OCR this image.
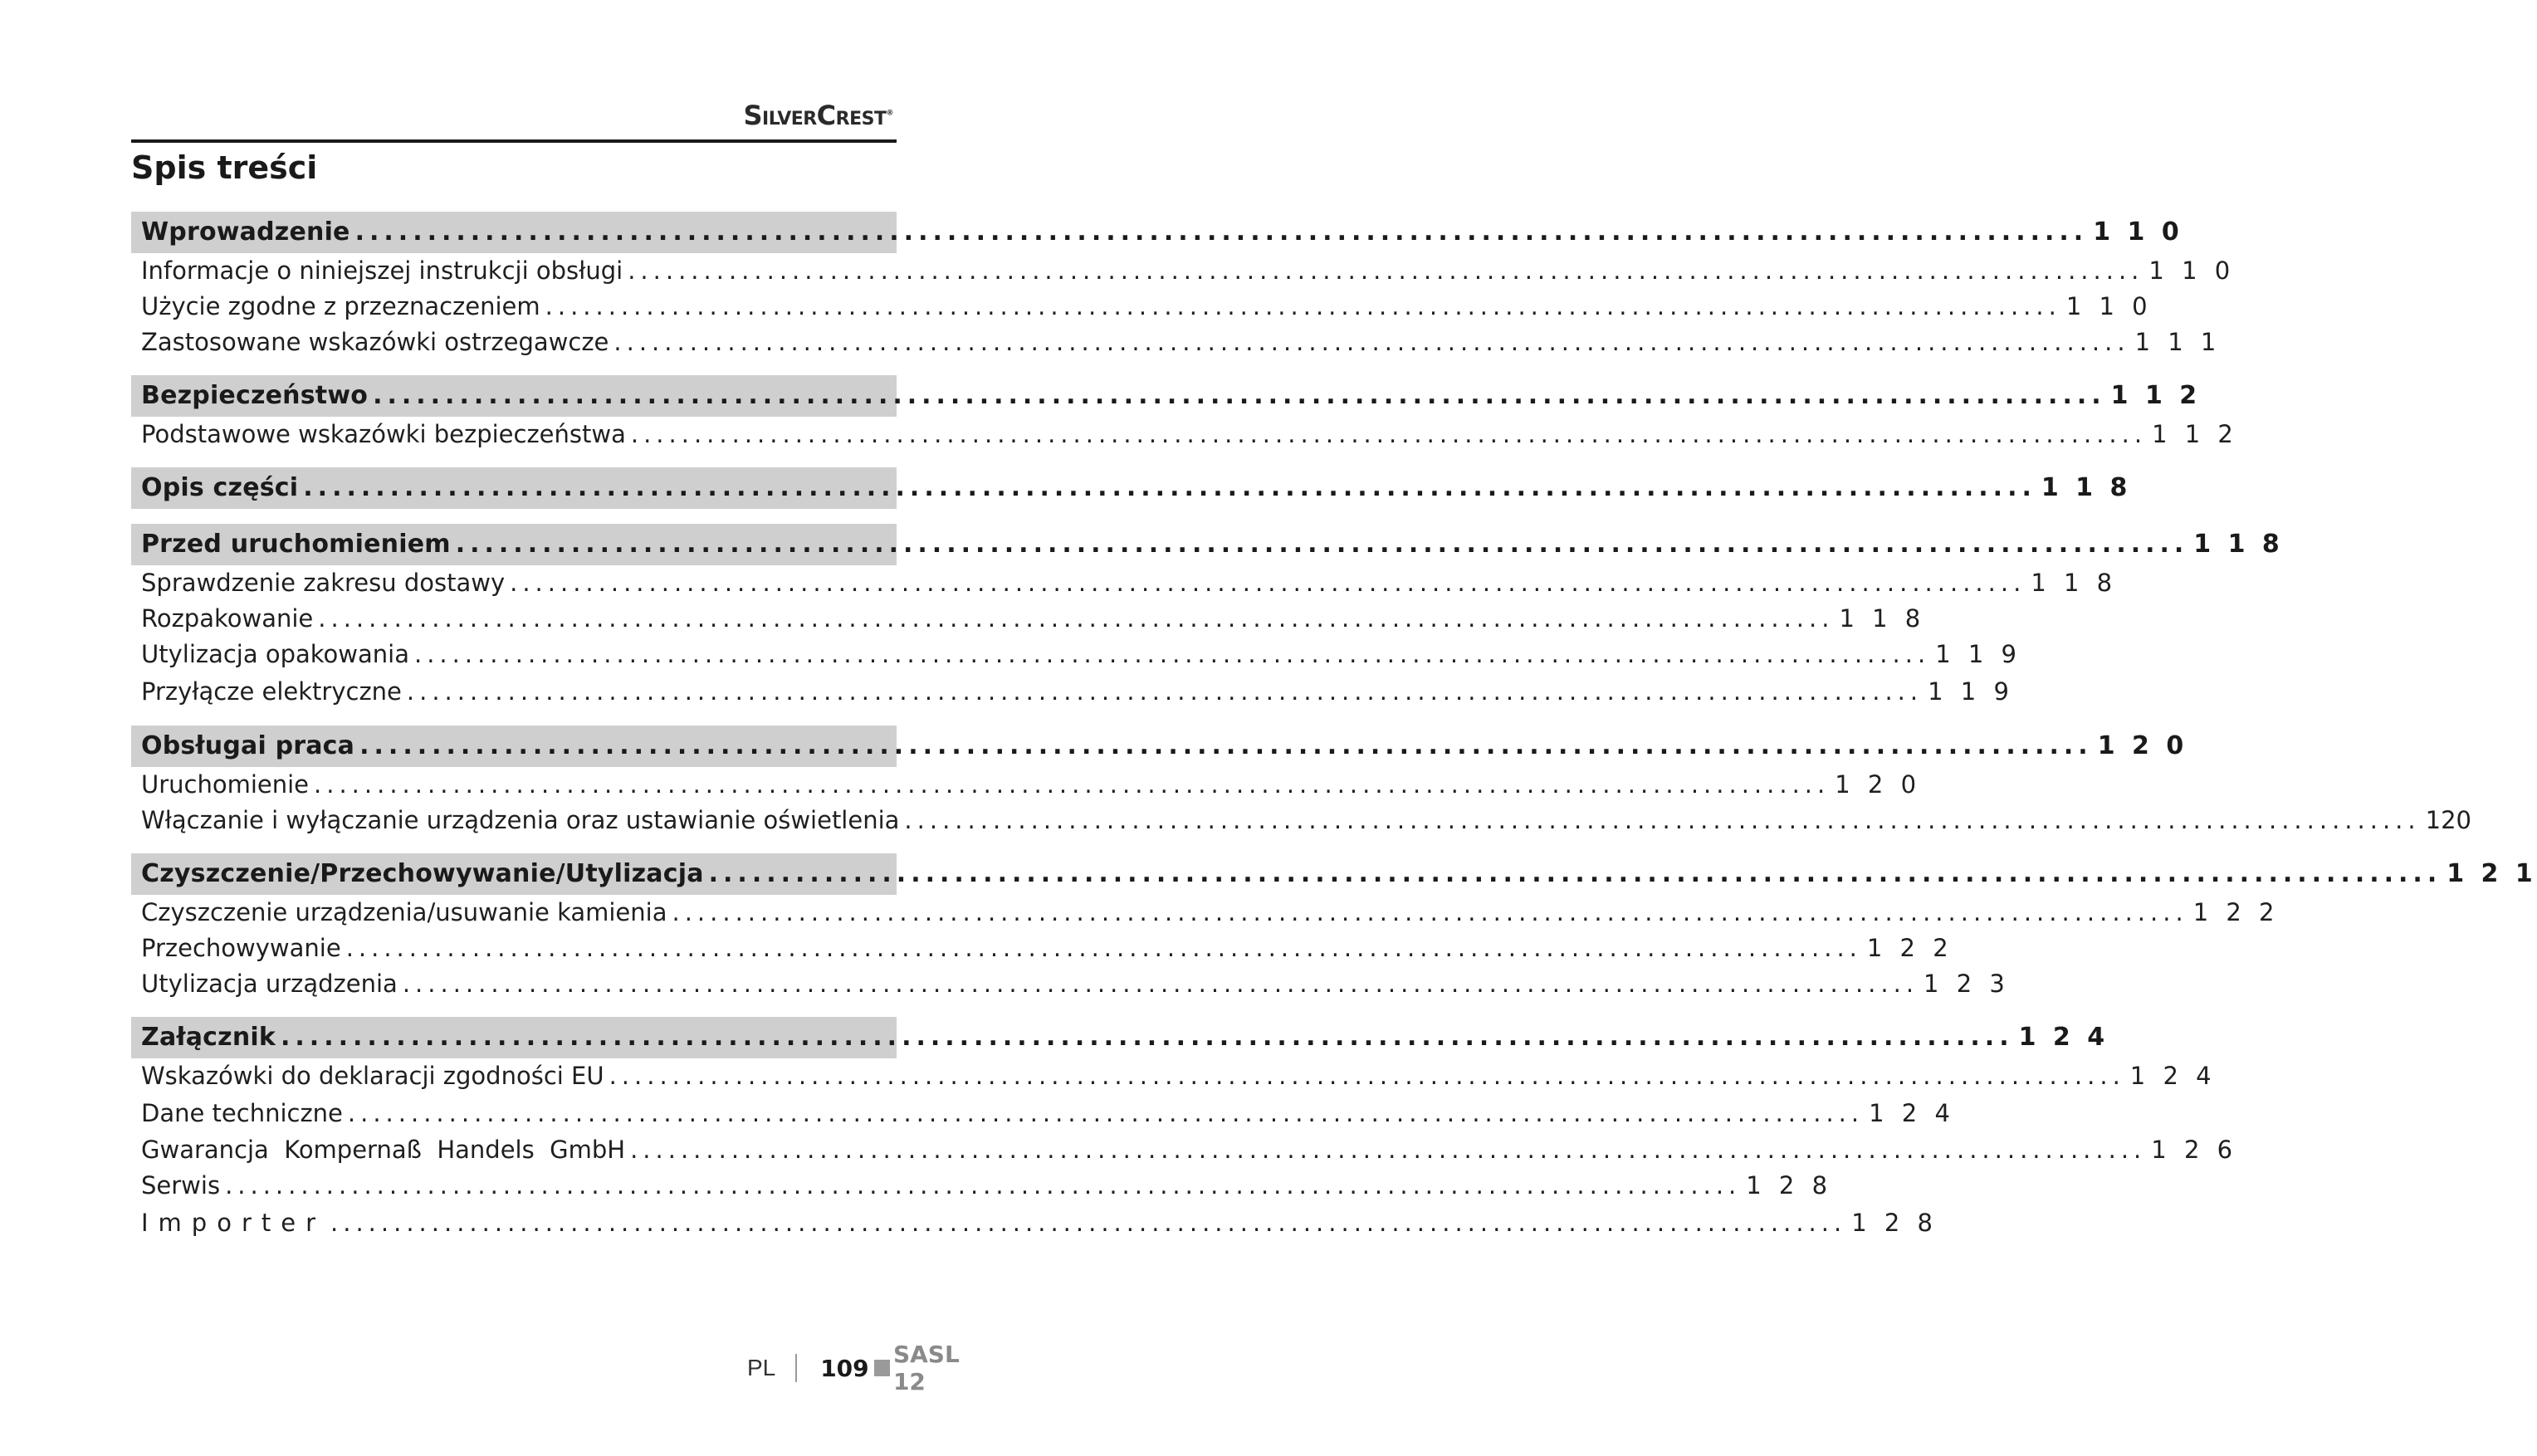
SilverCrest®
Spis treści
Wprowadzenie ........................................................................................................................ 1 1 0
Informacje o niniejszej instrukcji obsługi ........................................................................................................................ 1 1 0
Użycie zgodne z przeznaczeniem ........................................................................................................................ 1 1 0
Zastosowane wskazówki ostrzegawcze ........................................................................................................................ 1 1 1
Bezpieczeństwo ........................................................................................................................ 1 1 2
Podstawowe wskazówki bezpieczeństwa ........................................................................................................................ 1 1 2
Opis części ........................................................................................................................ 1 1 8
Przed uruchomieniem ........................................................................................................................ 1 1 8
Sprawdzenie zakresu dostawy ........................................................................................................................ 1 1 8
Rozpakowanie ........................................................................................................................ 1 1 8
Utylizacja opakowania ........................................................................................................................ 1 1 9
Przyłącze elektryczne ........................................................................................................................ 1 1 9
Obsługai praca ........................................................................................................................ 1 2 0
Uruchomienie ........................................................................................................................ 1 2 0
Włączanie i wyłączanie urządzenia oraz ustawianie oświetlenia ........................................................................................................................ 120
Czyszczenie/Przechowywanie/Utylizacja ........................................................................................................................ 1 2 1
Czyszczenie urządzenia/usuwanie kamienia ........................................................................................................................ 1 2 2
Przechowywanie ........................................................................................................................ 1 2 2
Utylizacja urządzenia ........................................................................................................................ 1 2 3
Załącznik ........................................................................................................................ 1 2 4
Wskazówki do deklaracji zgodności EU ........................................................................................................................ 1 2 4
Dane techniczne ........................................................................................................................ 1 2 4
Gwarancja  Kompernaß  Handels  GmbH ........................................................................................................................ 1 2 6
Serwis ........................................................................................................................ 1 2 8
Importer ........................................................................................................................ 1 2 8
PL 109 SASL 12
